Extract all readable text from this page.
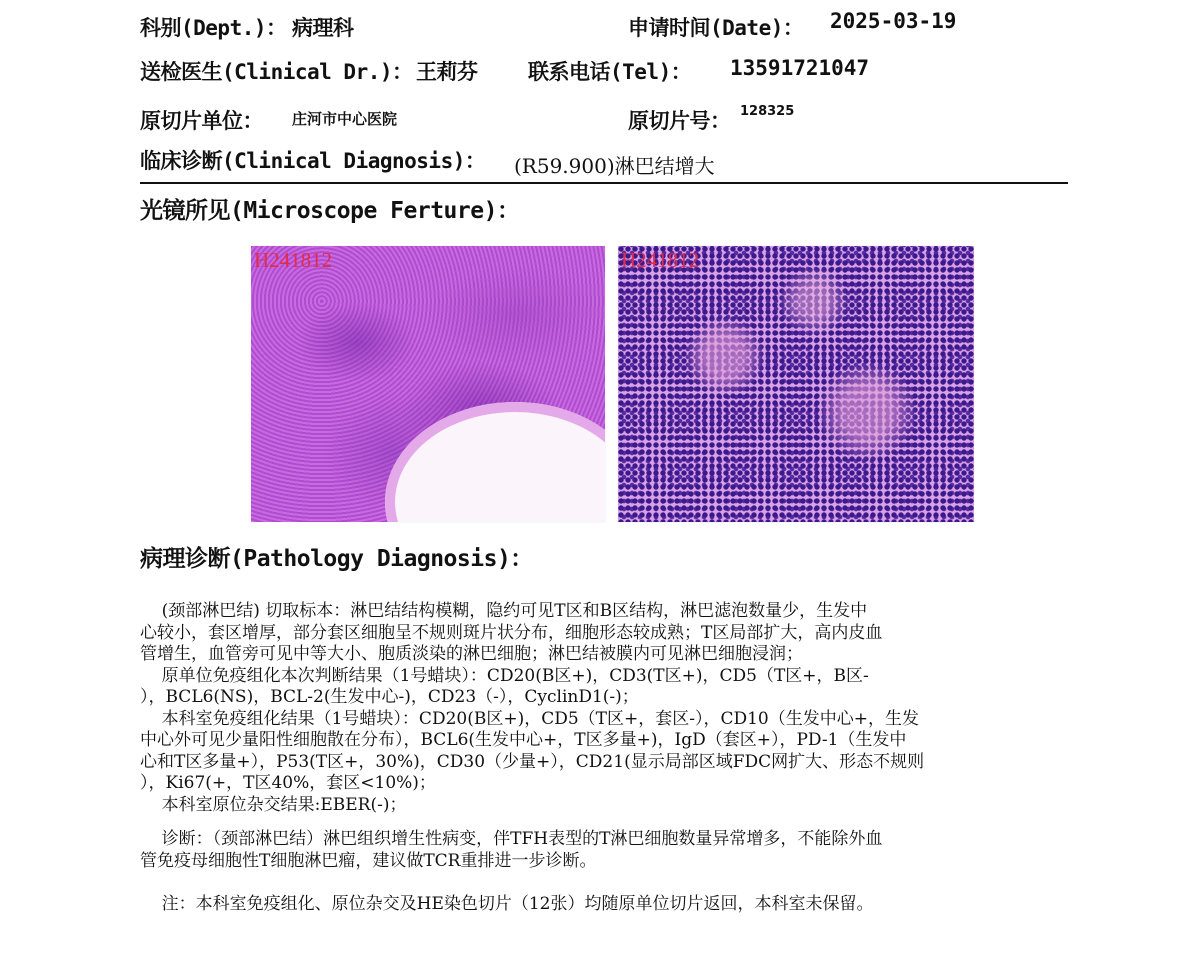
科别(Dept.)： 病理科	申请时间(Date)： 2025-03-19
送检医生(Clinical Dr.)： 王莉芬 联系电话(Tel)： 13591721047
原切片单位： 庄河市中心医院	原切片号： 128325
临床诊断(Clinical Diagnosis)： (R59.900)淋巴结增大
光镜所见(Microscope Ferture)：
H241812	H241812
病理诊断(Pathology Diagnosis)：

(颈部淋巴结) 切取标本：淋巴结结构模糊，隐约可见T区和B区结构，淋巴滤泡数量少，生发中

心较小，套区增厚，部分套区细胞呈不规则斑片状分布，细胞形态较成熟；T区局部扩大，高内皮血

管增生，血管旁可见中等大小、胞质淡染的淋巴细胞；淋巴结被膜内可见淋巴细胞浸润；

原单位免疫组化本次判断结果（1号蜡块）：CD20(B区+)，CD3(T区+)，CD5（T区+，B区-

），BCL6(NS)，BCL-2(生发中心-)，CD23（-），CyclinD1(-)；

本科室免疫组化结果（1号蜡块）：CD20(B区+)，CD5（T区+，套区-），CD10（生发中心+，生发

中心外可见少量阳性细胞散在分布），BCL6(生发中心+，T区多量+)，IgD（套区+），PD-1（生发中

心和T区多量+），P53(T区+，30%)，CD30（少量+），CD21(显示局部区域FDC网扩大、形态不规则

），Ki67(+，T区40%，套区<10%)；

本科室原位杂交结果:EBER(-)；

诊断：（颈部淋巴结）淋巴组织增生性病变，伴TFH表型的T淋巴细胞数量异常增多，不能除外血

管免疫母细胞性T细胞淋巴瘤，建议做TCR重排进一步诊断。

注：本科室免疫组化、原位杂交及HE染色切片（12张）均随原单位切片返回，本科室未保留。
